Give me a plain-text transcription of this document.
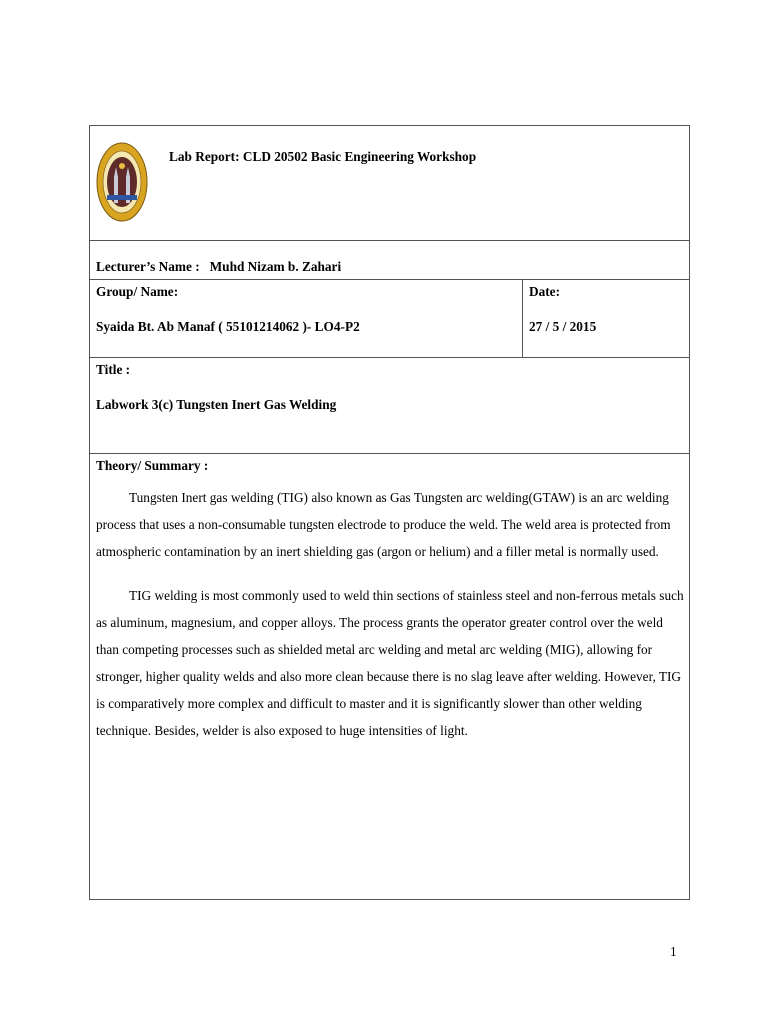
Lab Report: CLD 20502 Basic Engineering Workshop
Lecturer’s Name : Muhd Nizam b. Zahari
Group/ Name:
Syaida Bt. Ab Manaf ( 55101214062 )- LO4-P2
Date:
27 / 5 / 2015
Title :
Labwork 3(c) Tungsten Inert Gas Welding
Theory/ Summary :

Tungsten Inert gas welding (TIG) also known as Gas Tungsten arc welding(GTAW) is an arc welding process that uses a non-consumable tungsten electrode to produce the weld. The weld area is protected from atmospheric contamination by an inert shielding gas (argon or helium) and a filler metal is normally used.

TIG welding is most commonly used to weld thin sections of stainless steel and non-ferrous metals such as aluminum, magnesium, and copper alloys. The process grants the operator greater control over the weld than competing processes such as shielded metal arc welding and metal arc welding (MIG), allowing for stronger, higher quality welds and also more clean because there is no slag leave after welding. However, TIG is comparatively more complex and difficult to master and it is significantly slower than other welding technique. Besides, welder is also exposed to huge intensities of light.

1
